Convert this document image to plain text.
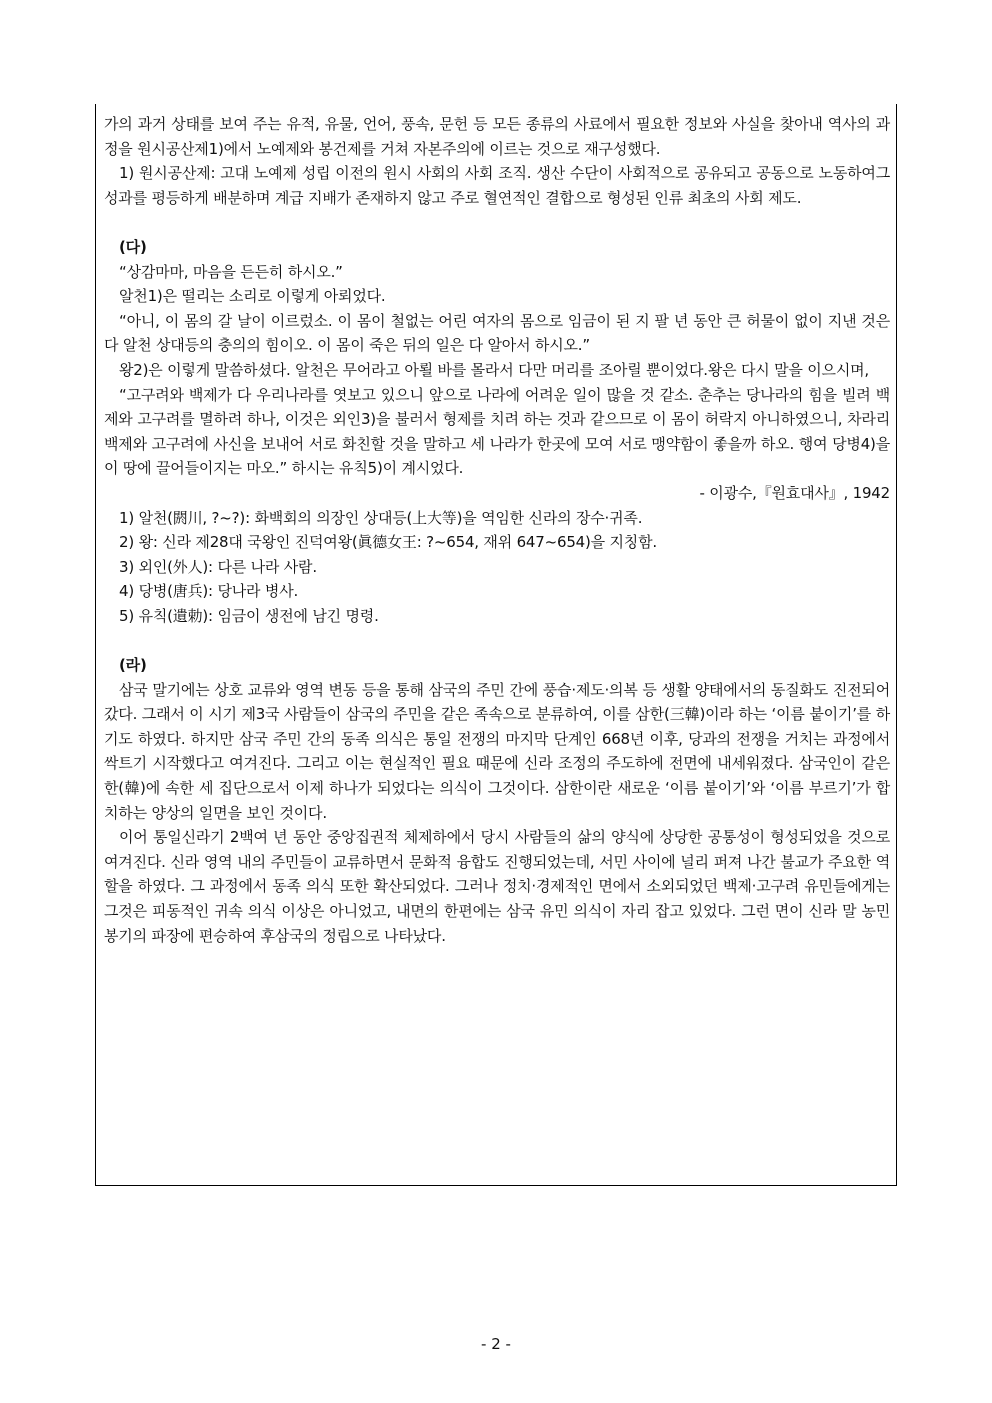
가의 과거 상태를 보여 주는 유적, 유물, 언어, 풍속, 문헌 등 모든 종류의 사료에서 필요한 정보와 사실을 찾아내 역사의 과정을 원시공산제1)에서 노예제와 봉건제를 거쳐 자본주의에 이르는 것으로 재구성했다.

1) 원시공산제: 고대 노예제 성립 이전의 원시 사회의 사회 조직. 생산 수단이 사회적으로 공유되고 공동으로 노동하여그 성과를 평등하게 배분하며 계급 지배가 존재하지 않고 주로 혈연적인 결합으로 형성된 인류 최초의 사회 제도.

(다)

“상감마마, 마음을 든든히 하시오.”

알천1)은 떨리는 소리로 이렇게 아뢰었다.

“아니, 이 몸의 갈 날이 이르렀소. 이 몸이 철없는 어린 여자의 몸으로 임금이 된 지 팔 년 동안 큰 허물이 없이 지낸 것은 다 알천 상대등의 충의의 힘이오. 이 몸이 죽은 뒤의 일은 다 알아서 하시오.”

왕2)은 이렇게 말씀하셨다. 알천은 무어라고 아뢸 바를 몰라서 다만 머리를 조아릴 뿐이었다.왕은 다시 말을 이으시며,

“고구려와 백제가 다 우리나라를 엿보고 있으니 앞으로 나라에 어려운 일이 많을 것 같소. 춘추는 당나라의 힘을 빌려 백제와 고구려를 멸하려 하나, 이것은 외인3)을 불러서 형제를 치려 하는 것과 같으므로 이 몸이 허락지 아니하였으니, 차라리 백제와 고구려에 사신을 보내어 서로 화친할 것을 말하고 세 나라가 한곳에 모여 서로 맹약함이 좋을까 하오. 행여 당병4)을 이 땅에 끌어들이지는 마오.” 하시는 유칙5)이 계시었다.

- 이광수,『원효대사』, 1942

1) 알천(閼川, ?~?): 화백회의 의장인 상대등(上大等)을 역임한 신라의 장수·귀족.

2) 왕: 신라 제28대 국왕인 진덕여왕(眞德女王: ?~654, 재위 647~654)을 지칭함.

3) 외인(外人): 다른 나라 사람.

4) 당병(唐兵): 당나라 병사.

5) 유칙(遺勅): 임금이 생전에 남긴 명령.

(라)

삼국 말기에는 상호 교류와 영역 변동 등을 통해 삼국의 주민 간에 풍습·제도·의복 등 생활 양태에서의 동질화도 진전되어 갔다. 그래서 이 시기 제3국 사람들이 삼국의 주민을 같은 족속으로 분류하여, 이를 삼한(三韓)이라 하는 ‘이름 붙이기’를 하기도 하였다. 하지만 삼국 주민 간의 동족 의식은 통일 전쟁의 마지막 단계인 668년 이후, 당과의 전쟁을 거치는 과정에서 싹트기 시작했다고 여겨진다. 그리고 이는 현실적인 필요 때문에 신라 조정의 주도하에 전면에 내세워졌다. 삼국인이 같은 한(韓)에 속한 세 집단으로서 이제 하나가 되었다는 의식이 그것이다. 삼한이란 새로운 ‘이름 붙이기’와 ‘이름 부르기’가 합치하는 양상의 일면을 보인 것이다.

이어 통일신라기 2백여 년 동안 중앙집권적 체제하에서 당시 사람들의 삶의 양식에 상당한 공통성이 형성되었을 것으로 여겨진다. 신라 영역 내의 주민들이 교류하면서 문화적 융합도 진행되었는데, 서민 사이에 널리 퍼져 나간 불교가 주요한 역할을 하였다. 그 과정에서 동족 의식 또한 확산되었다. 그러나 정치·경제적인 면에서 소외되었던 백제·고구려 유민들에게는 그것은 피동적인 귀속 의식 이상은 아니었고, 내면의 한편에는 삼국 유민 의식이 자리 잡고 있었다. 그런 면이 신라 말 농민 봉기의 파장에 편승하여 후삼국의 정립으로 나타났다.

- 2 -
